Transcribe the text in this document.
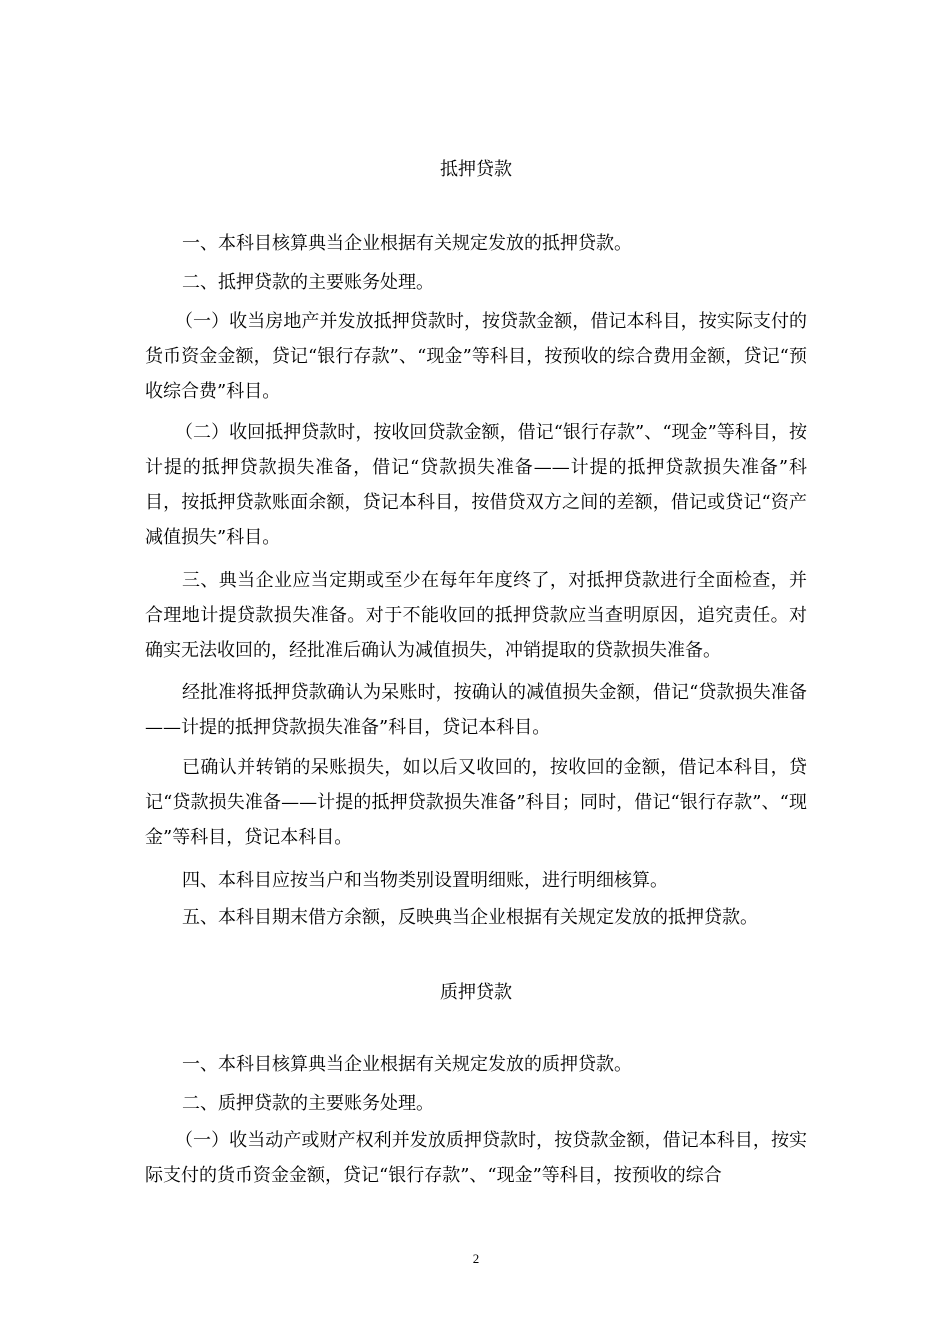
抵押贷款

一、本科目核算典当企业根据有关规定发放的抵押贷款。

二、抵押贷款的主要账务处理。

（一）收当房地产并发放抵押贷款时，按贷款金额，借记本科目，按实际支付的货币资金金额，贷记“银行存款”、“现金”等科目，按预收的综合费用金额，贷记“预收综合费”科目。

（二）收回抵押贷款时，按收回贷款金额，借记“银行存款”、“现金”等科目，按计提的抵押贷款损失准备，借记“贷款损失准备——计提的抵押贷款损失准备”科目，按抵押贷款账面余额，贷记本科目，按借贷双方之间的差额，借记或贷记“资产减值损失”科目。

三、典当企业应当定期或至少在每年年度终了，对抵押贷款进行全面检查，并合理地计提贷款损失准备。对于不能收回的抵押贷款应当查明原因，追究责任。对确实无法收回的，经批准后确认为减值损失，冲销提取的贷款损失准备。

经批准将抵押贷款确认为呆账时，按确认的减值损失金额，借记“贷款损失准备——计提的抵押贷款损失准备”科目，贷记本科目。

已确认并转销的呆账损失，如以后又收回的，按收回的金额，借记本科目，贷记“贷款损失准备——计提的抵押贷款损失准备”科目；同时，借记“银行存款”、“现金”等科目，贷记本科目。

四、本科目应按当户和当物类别设置明细账，进行明细核算。

五、本科目期末借方余额，反映典当企业根据有关规定发放的抵押贷款。

质押贷款

一、本科目核算典当企业根据有关规定发放的质押贷款。

二、质押贷款的主要账务处理。

（一）收当动产或财产权利并发放质押贷款时，按贷款金额，借记本科目，按实际支付的货币资金金额，贷记“银行存款”、“现金”等科目，按预收的综合

2
